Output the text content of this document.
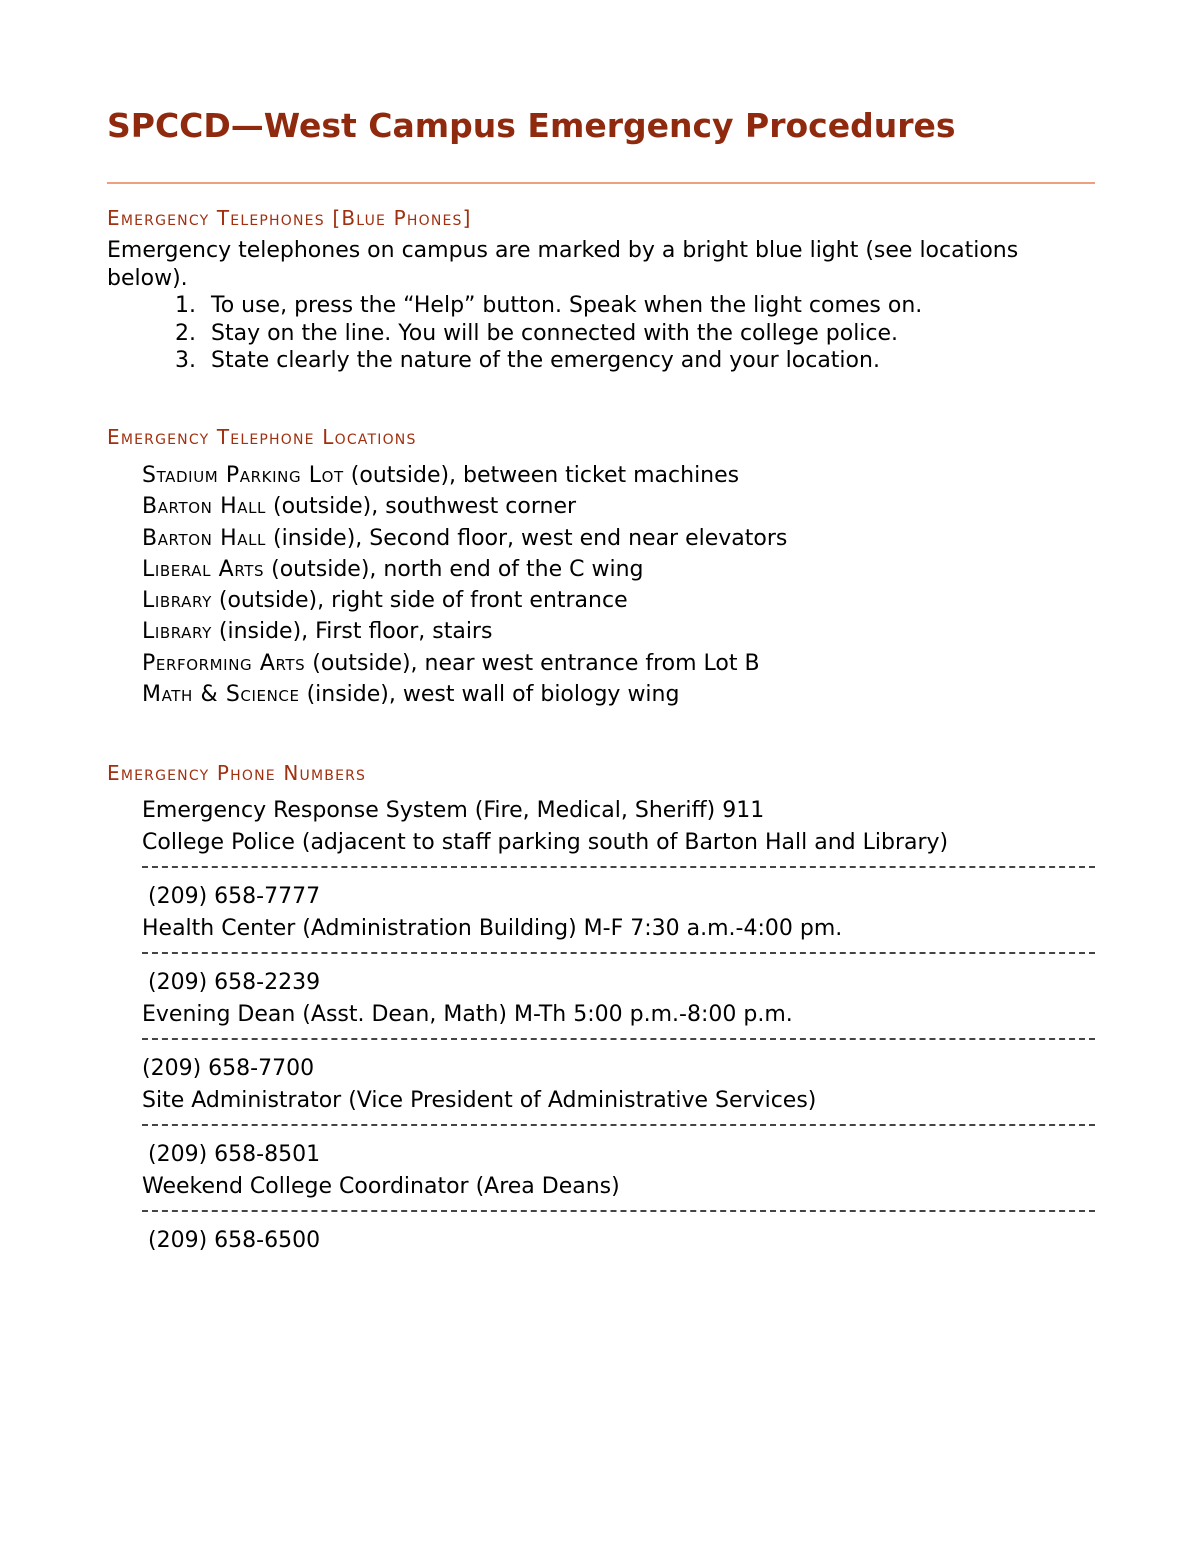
SPCCD—West Campus Emergency Procedures
Emergency Telephones [Blue Phones]

Emergency telephones on campus are marked by a bright blue light (see locations below).

1. To use, press the “Help” button. Speak when the light comes on.
2. Stay on the line. You will be connected with the college police.
3. State clearly the nature of the emergency and your location.
Emergency Telephone Locations
Stadium Parking Lot (outside), between ticket machines
Barton Hall (outside), southwest corner
Barton Hall (inside), Second floor, west end near elevators
Liberal Arts (outside), north end of the C wing
Library (outside), right side of front entrance
Library (inside), First floor, stairs
Performing Arts (outside), near west entrance from Lot B
Math & Science (inside), west wall of biology wing
Emergency Phone Numbers
Emergency Response System (Fire, Medical, Sheriff) 911
College Police (adjacent to staff parking south of Barton Hall and Library)
(209) 658-7777
Health Center (Administration Building) M-F 7:30 a.m.-4:00 pm.
(209) 658-2239
Evening Dean (Asst. Dean, Math) M-Th 5:00 p.m.-8:00 p.m.
(209) 658-7700
Site Administrator (Vice President of Administrative Services)
(209) 658-8501
Weekend College Coordinator (Area Deans)
(209) 658-6500
